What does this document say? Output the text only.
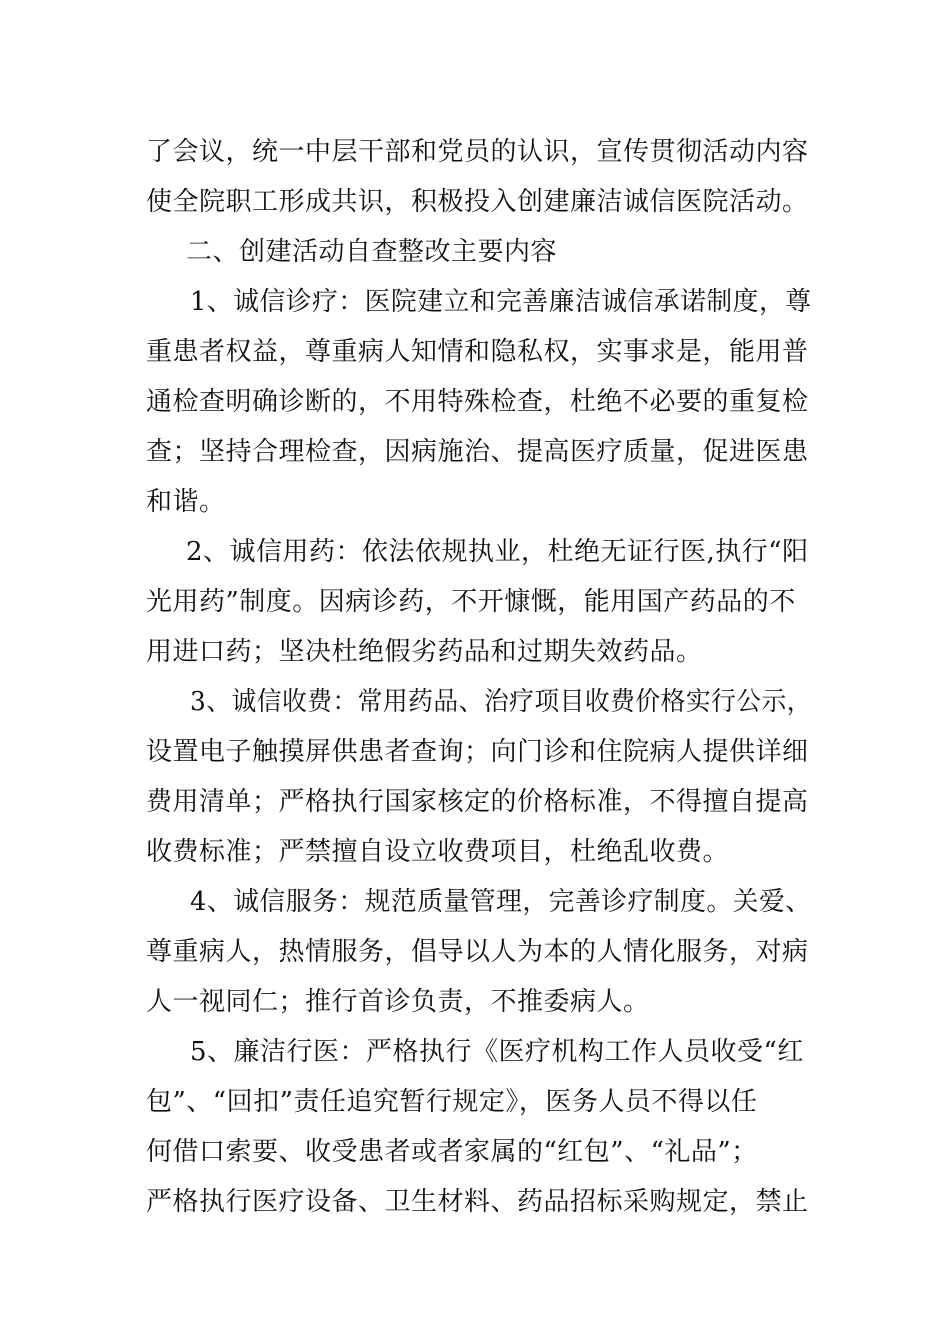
了会议，统一中层干部和党员的认识，宣传贯彻活动内容
使全院职工形成共识，积极投入创建廉洁诚信医院活动。
二、创建活动自查整改主要内容
1、诚信诊疗：医院建立和完善廉洁诚信承诺制度，尊
重患者权益，尊重病人知情和隐私权，实事求是，能用普
通检查明确诊断的，不用特殊检查，杜绝不必要的重复检
查；坚持合理检查，因病施治、提高医疗质量，促进医患
和谐。
2、诚信用药：依法依规执业，杜绝无证行医,执行“阳
光用药”制度。因病诊药，不开慷慨，能用国产药品的不
用进口药；坚决杜绝假劣药品和过期失效药品。
3、诚信收费：常用药品、治疗项目收费价格实行公示，
设置电子触摸屏供患者查询；向门诊和住院病人提供详细
费用清单；严格执行国家核定的价格标准，不得擅自提高
收费标准；严禁擅自设立收费项目，杜绝乱收费。
4、诚信服务：规范质量管理，完善诊疗制度。关爱、
尊重病人，热情服务，倡导以人为本的人情化服务，对病
人一视同仁；推行首诊负责，不推委病人。
5、廉洁行医：严格执行《医疗机构工作人员收受“红
包”、“回扣”责任追究暂行规定》，医务人员不得以任
何借口索要、收受患者或者家属的“红包”、“礼品”；
严格执行医疗设备、卫生材料、药品招标采购规定，禁止
